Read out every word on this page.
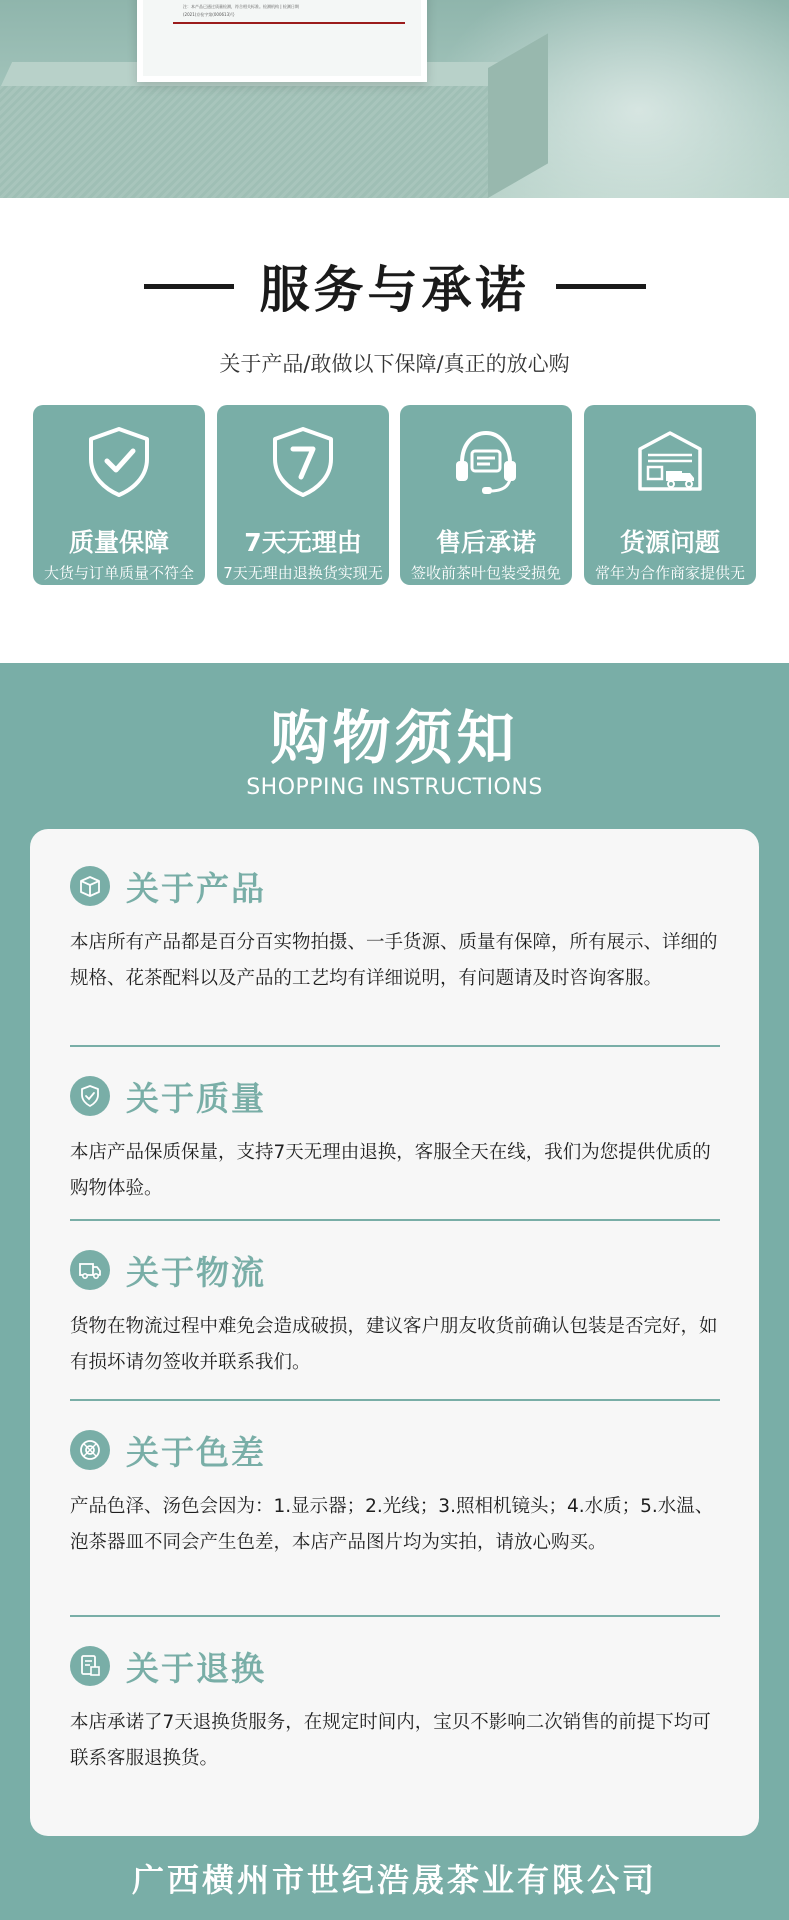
注：本产品已通过质量检测，符合相关标准。检测机构 | 检测日期
(2021)京检字第(000613)号
服务与承诺
关于产品/敢做以下保障/真正的放心购
质量保障
大货与订单质量不符全额退款
7天无理由
7天无理由退换货实现无忧购物
售后承诺
签收前茶叶包装受损免费换新
货源问题
常年为合作商家提供无忧备货
购物须知
SHOPPING INSTRUCTIONS
关于产品
本店所有产品都是百分百实物拍摄、一手货源、质量有保障，所有展示、详细的规格、花茶配料以及产品的工艺均有详细说明，有问题请及时咨询客服。
关于质量
本店产品保质保量，支持7天无理由退换，客服全天在线，我们为您提供优质的购物体验。
关于物流
货物在物流过程中难免会造成破损，建议客户朋友收货前确认包装是否完好，如有损坏请勿签收并联系我们。
关于色差
产品色泽、汤色会因为：1.显示器；2.光线；3.照相机镜头；4.水质；5.水温、泡茶器皿不同会产生色差，本店产品图片均为实拍，请放心购买。
关于退换
本店承诺了7天退换货服务，在规定时间内，宝贝不影响二次销售的前提下均可联系客服退换货。
广西横州市世纪浩晟茶业有限公司
